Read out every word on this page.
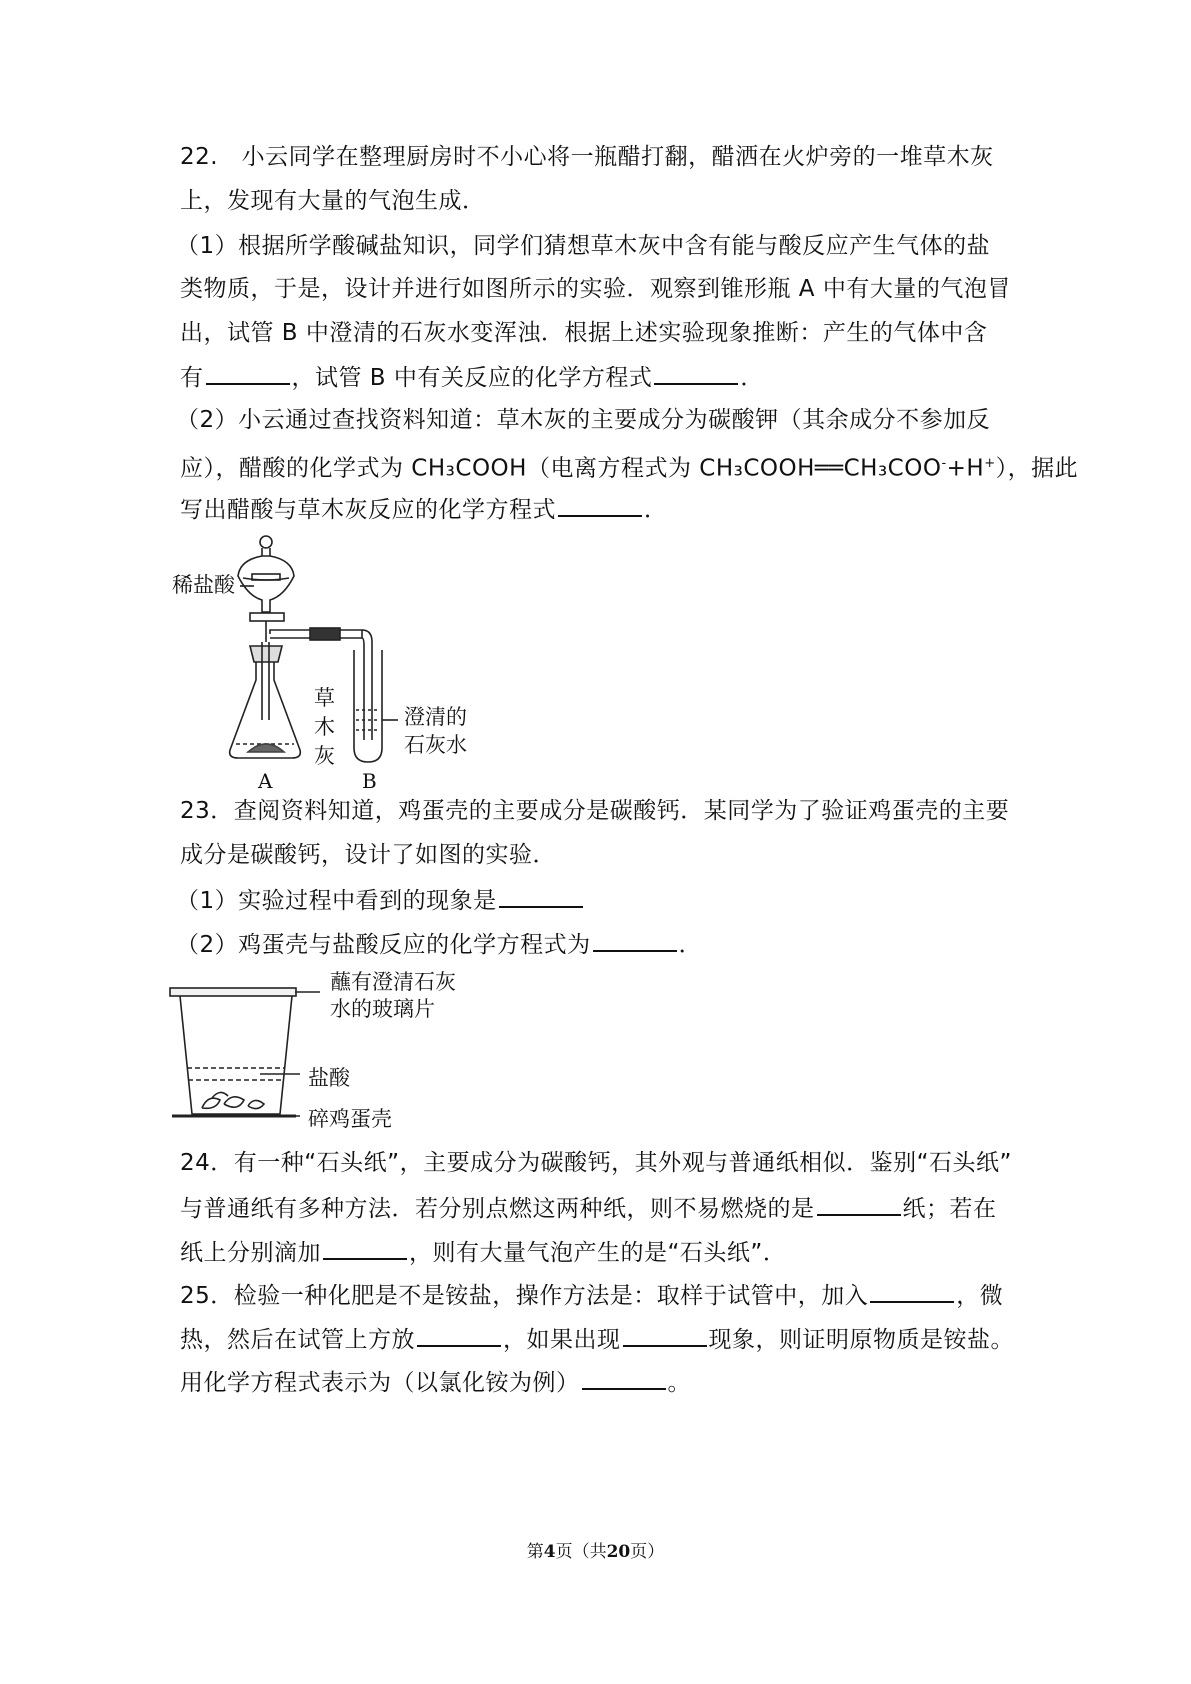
22.　小云同学在整理厨房时不小心将一瓶醋打翻，醋洒在火炉旁的一堆草木灰
上，发现有大量的气泡生成．
（1）根据所学酸碱盐知识，同学们猜想草木灰中含有能与酸反应产生气体的盐
类物质，于是，设计并进行如图所示的实验．观察到锥形瓶 A 中有大量的气泡冒
出，试管 B 中澄清的石灰水变浑浊．根据上述实验现象推断：产生的气体中含
有	，试管 B 中有关反应的化学方程式	．
（2）小云通过查找资料知道：草木灰的主要成分为碳酸钾（其余成分不参加反
应），醋酸的化学式为 CH₃COOH（电离方程式为 CH₃COOH══CH₃COO-+H+），据此
写出醋酸与草木灰反应的化学方程式	．
稀盐酸
草
木
灰
澄清的
石灰水
A	B
23．查阅资料知道，鸡蛋壳的主要成分是碳酸钙．某同学为了验证鸡蛋壳的主要
成分是碳酸钙，设计了如图的实验．
（1）实验过程中看到的现象是
（2）鸡蛋壳与盐酸反应的化学方程式为	．
蘸有澄清石灰
水的玻璃片
盐酸
碎鸡蛋壳
24．有一种“石头纸”，主要成分为碳酸钙，其外观与普通纸相似．鉴别“石头纸”
与普通纸有多种方法．若分别点燃这两种纸，则不易燃烧的是	纸；若在
纸上分别滴加	，则有大量气泡产生的是“石头纸”．
25．检验一种化肥是不是铵盐，操作方法是：取样于试管中，加入	，微
热，然后在试管上方放	，如果出现	现象，则证明原物质是铵盐。
用化学方程式表示为（以氯化铵为例）	。
第4页（共20页）
